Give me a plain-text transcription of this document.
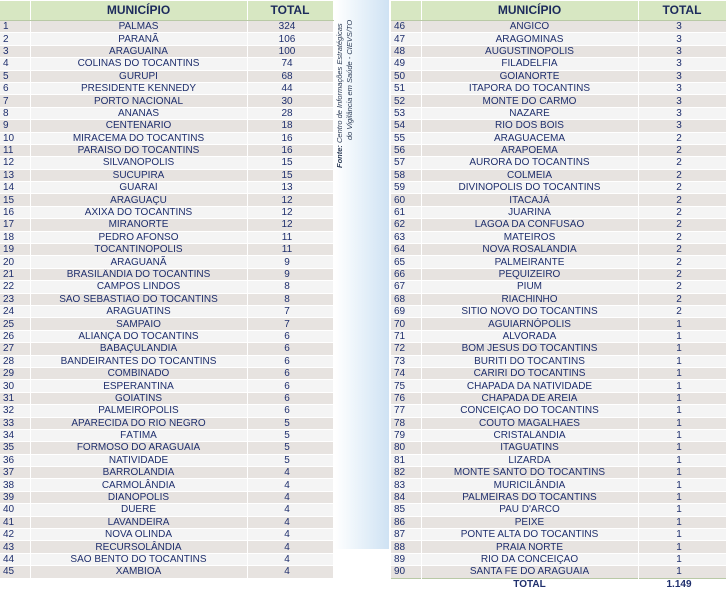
Fonte: Centro de Informações Estratégicas do Vigilância em Saúde - CIEVS/TO
	MUNICÍPIO	TOTAL
1	PALMAS	324
2	PARANÃ	106
3	ARAGUAÍNA	100
4	COLINAS DO TOCANTINS	74
5	GURUPI	68
6	PRESIDENTE KENNEDY	44
7	PORTO NACIONAL	30
8	ANANÁS	28
9	CENTENÁRIO	18
10	MIRACEMA DO TOCANTINS	16
11	PARAÍSO DO TOCANTINS	16
12	SILVANÓPOLIS	15
13	SUCUPIRA	15
14	GUARAÍ	13
15	ARAGUAÇU	12
16	AXIXÁ DO TOCANTINS	12
17	MIRANORTE	12
18	PEDRO AFONSO	11
19	TOCANTINÓPOLIS	11
20	ARAGUANÃ	9
21	BRASILÂNDIA DO TOCANTINS	9
22	CAMPOS LINDOS	8
23	SÃO SEBASTIÃO DO TOCANTINS	8
24	ARAGUATINS	7
25	SAMPAIO	7
26	ALIANÇA DO TOCANTINS	6
27	BABAÇULÂNDIA	6
28	BANDEIRANTES DO TOCANTINS	6
29	COMBINADO	6
30	ESPERANTINA	6
31	GOIATINS	6
32	PALMEIRÓPOLIS	6
33	APARECIDA DO RIO NEGRO	5
34	FÁTIMA	5
35	FORMOSO DO ARAGUAIA	5
36	NATIVIDADE	5
37	BARROLÂNDIA	4
38	CARMOLÂNDIA	4
39	DIANÓPOLIS	4
40	DUERÉ	4
41	LAVANDEIRA	4
42	NOVA OLINDA	4
43	RECURSOLÂNDIA	4
44	SÃO BENTO DO TOCANTINS	4
45	XAMBIOÁ	4
	MUNICÍPIO	TOTAL
46	ANGICO	3
47	ARAGOMINAS	3
48	AUGUSTINÓPOLIS	3
49	FILADÉLFIA	3
50	GOIANORTE	3
51	ITAPORÃ DO TOCANTINS	3
52	MONTE DO CARMO	3
53	NAZARÉ	3
54	RIO DOS BOIS	3
55	ARAGUACEMA	2
56	ARAPOEMA	2
57	AURORA DO TOCANTINS	2
58	COLMEIA	2
59	DIVINÓPOLIS DO TOCANTINS	2
60	ITACAJÁ	2
61	JUARINA	2
62	LAGOA DA CONFUSÃO	2
63	MATEIROS	2
64	NOVA ROSALÂNDIA	2
65	PALMEIRANTE	2
66	PEQUIZEIRO	2
67	PIUM	2
68	RIACHINHO	2
69	SITIO NOVO DO TOCANTINS	2
70	AGUIARNÓPOLIS	1
71	ALVORADA	1
72	BOM JESUS DO TOCANTINS	1
73	BURITI DO TOCANTINS	1
74	CARIRI DO TOCANTINS	1
75	CHAPADA DA NATIVIDADE	1
76	CHAPADA DE AREIA	1
77	CONCEIÇÃO DO TOCANTINS	1
78	COUTO MAGALHÃES	1
79	CRISTALÂNDIA	1
80	ITAGUATINS	1
81	LIZARDA	1
82	MONTE SANTO DO TOCANTINS	1
83	MURICILÂNDIA	1
84	PALMEIRAS DO TOCANTINS	1
85	PAU D'ARCO	1
86	PEIXE	1
87	PONTE ALTA DO TOCANTINS	1
88	PRAIA NORTE	1
89	RIO DA CONCEIÇÃO	1
90	SANTA FÉ DO ARAGUAIA	1
	TOTAL	1.149
